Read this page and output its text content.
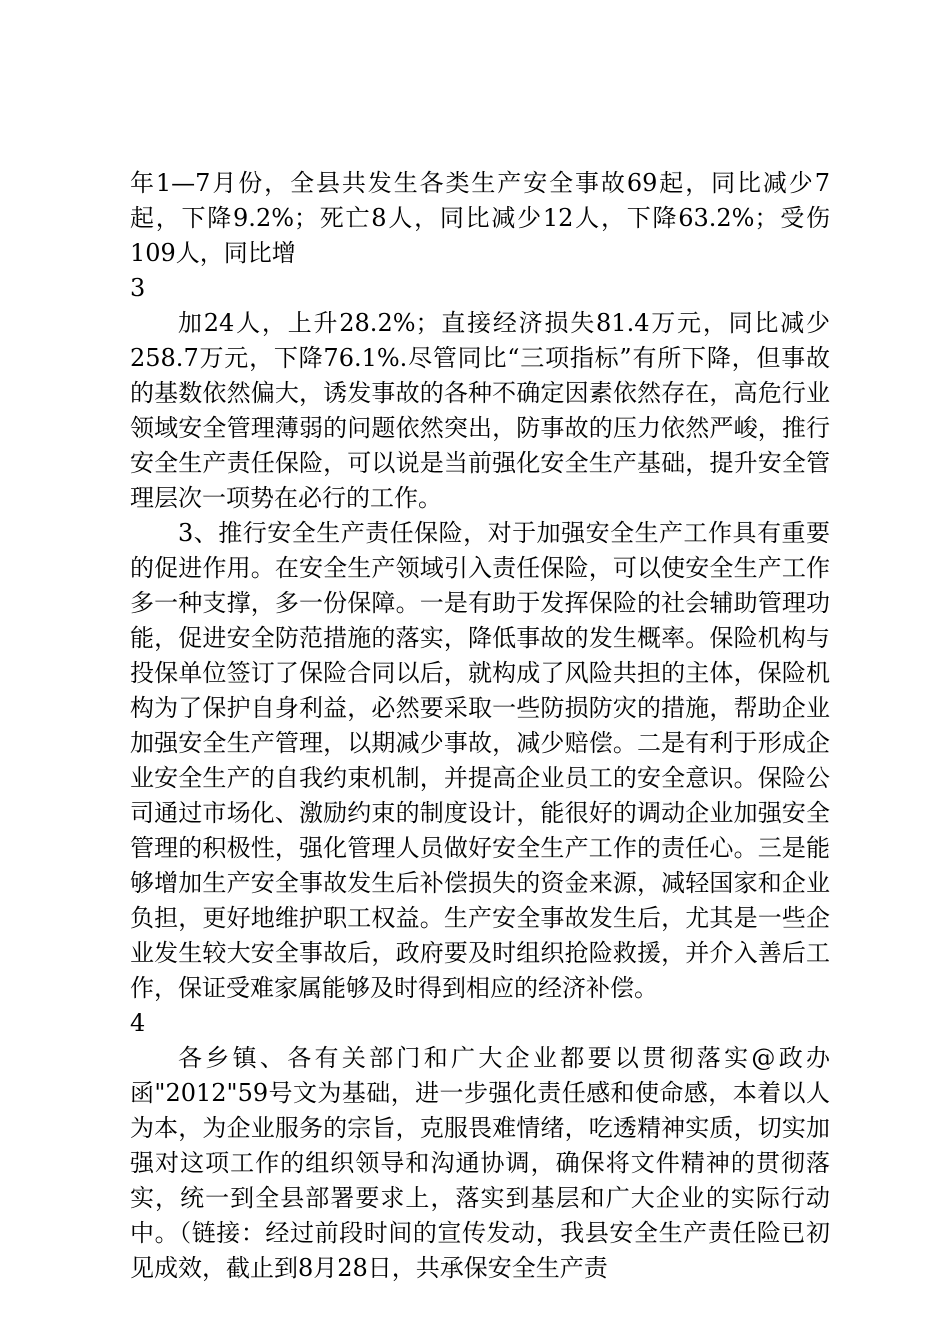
年1—7月份，全县共发生各类生产安全事故69起，同比减少7起，下降9.2%；死亡8人，同比减少12人，下降63.2%；受伤109人，同比增

3

加24人，上升28.2%；直接经济损失81.4万元，同比减少258.7万元，下降76.1%.尽管同比“三项指标”有所下降，但事故的基数依然偏大，诱发事故的各种不确定因素依然存在，高危行业领域安全管理薄弱的问题依然突出，防事故的压力依然严峻，推行安全生产责任保险，可以说是当前强化安全生产基础，提升安全管理层次一项势在必行的工作。

3、推行安全生产责任保险，对于加强安全生产工作具有重要的促进作用。在安全生产领域引入责任保险，可以使安全生产工作多一种支撑，多一份保障。一是有助于发挥保险的社会辅助管理功能，促进安全防范措施的落实，降低事故的发生概率。保险机构与投保单位签订了保险合同以后，就构成了风险共担的主体，保险机构为了保护自身利益，必然要采取一些防损防灾的措施，帮助企业加强安全生产管理，以期减少事故，减少赔偿。二是有利于形成企业安全生产的自我约束机制，并提高企业员工的安全意识。保险公司通过市场化、激励约束的制度设计，能很好的调动企业加强安全管理的积极性，强化管理人员做好安全生产工作的责任心。三是能够增加生产安全事故发生后补偿损失的资金来源，减轻国家和企业负担，更好地维护职工权益。生产安全事故发生后，尤其是一些企业发生较大安全事故后，政府要及时组织抢险救援，并介入善后工作，保证受难家属能够及时得到相应的经济补偿。

4

各乡镇、各有关部门和广大企业都要以贯彻落实@政办函"2012"59号文为基础，进一步强化责任感和使命感，本着以人为本，为企业服务的宗旨，克服畏难情绪，吃透精神实质，切实加强对这项工作的组织领导和沟通协调，确保将文件精神的贯彻落实，统一到全县部署要求上，落实到基层和广大企业的实际行动中。（链接：经过前段时间的宣传发动，我县安全生产责任险已初见成效，截止到8月28日，共承保安全生产责
